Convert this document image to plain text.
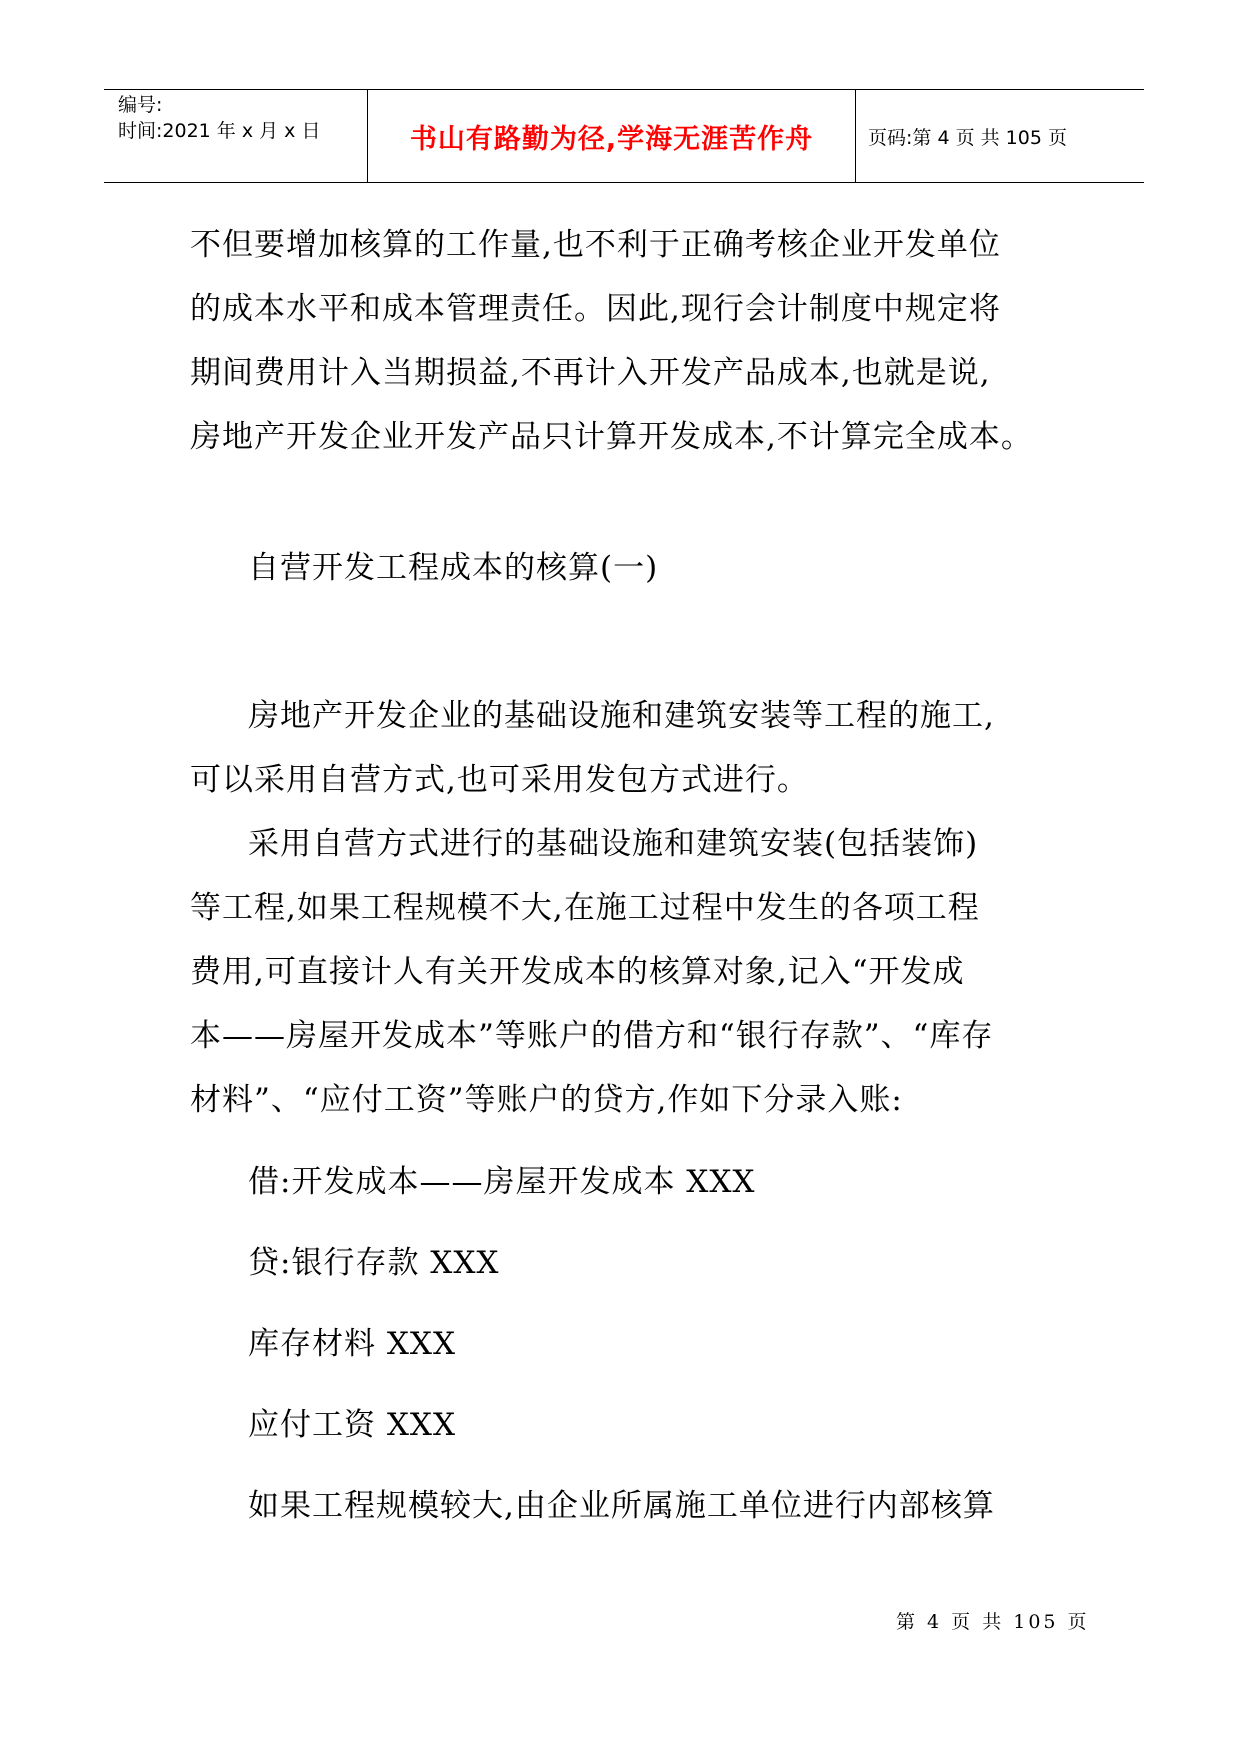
编号:
时间:2021 年 x 月 x 日	书山有路勤为径,学海无涯苦作舟	页码:第 4 页 共 105 页

不但要增加核算的工作量,也不利于正确考核企业开发单位

的成本水平和成本管理责任。因此,现行会计制度中规定将

期间费用计入当期损益,不再计入开发产品成本,也就是说,

房地产开发企业开发产品只计算开发成本,不计算完全成本。

自营开发工程成本的核算(一)

房地产开发企业的基础设施和建筑安装等工程的施工,

可以采用自营方式,也可采用发包方式进行。

采用自营方式进行的基础设施和建筑安装(包括装饰)

等工程,如果工程规模不大,在施工过程中发生的各项工程

费用,可直接计人有关开发成本的核算对象,记入“开发成

本——房屋开发成本”等账户的借方和“银行存款”、“库存

材料”、“应付工资”等账户的贷方,作如下分录入账:

借:开发成本——房屋开发成本 XXX

贷:银行存款 XXX

库存材料 XXX

应付工资 XXX

如果工程规模较大,由企业所属施工单位进行内部核算

第 4 页 共 105 页
